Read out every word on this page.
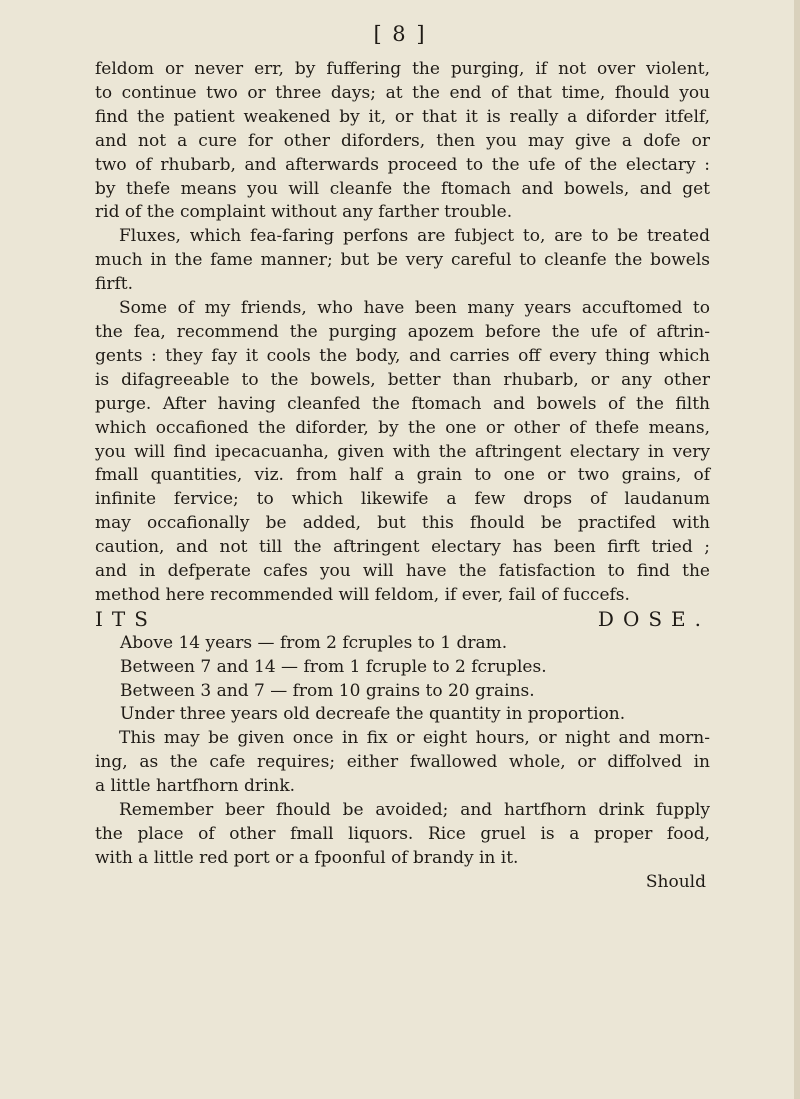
[ 8 ]

feldom or never err, by fuffering the purging, if not over violent,

to continue two or three days; at the end of that time, fhould you

find the patient weakened by it, or that it is really a diforder itfelf,

and not a cure for other diforders, then you may give a dofe or

two of rhubarb, and afterwards proceed to the ufe of the electary :

by thefe means you will cleanfe the ftomach and bowels, and get

rid of the complaint without any farther trouble.

Fluxes, which fea-faring perfons are fubject to, are to be treated

much in the fame manner; but be very careful to cleanfe the bowels

firft.

Some of my friends, who have been many years accuftomed to

the fea, recommend the purging apozem before the ufe of aftrin-

gents : they fay it cools the body, and carries off every thing which

is difagreeable to the bowels, better than rhubarb, or any other

purge. After having cleanfed the ftomach and bowels of the filth

which occafioned the diforder, by the one or other of thefe means,

you will find ipecacuanha, given with the aftringent electary in very

fmall quantities, viz. from half a grain to one or two grains, of

infinite fervice; to which likewife a few drops of laudanum

may occafionally be added, but this fhould be practifed with

caution, and not till the aftringent electary has been firft tried ;

and in defperate cafes you will have the fatisfaction to find the

method here recommended will feldom, if ever, fail of fuccefs.

ITS DOSE.

Above 14 years — from 2 fcruples to 1 dram.

Between 7 and 14 — from 1 fcruple to 2 fcruples.

Between 3 and 7 — from 10 grains to 20 grains.

Under three years old decreafe the quantity in proportion.

This may be given once in fix or eight hours, or night and morn-

ing, as the cafe requires; either fwallowed whole, or diffolved in

a little hartfhorn drink.

Remember beer fhould be avoided; and hartfhorn drink fupply

the place of other fmall liquors. Rice gruel is a proper food,

with a little red port or a fpoonful of brandy in it.

Should
